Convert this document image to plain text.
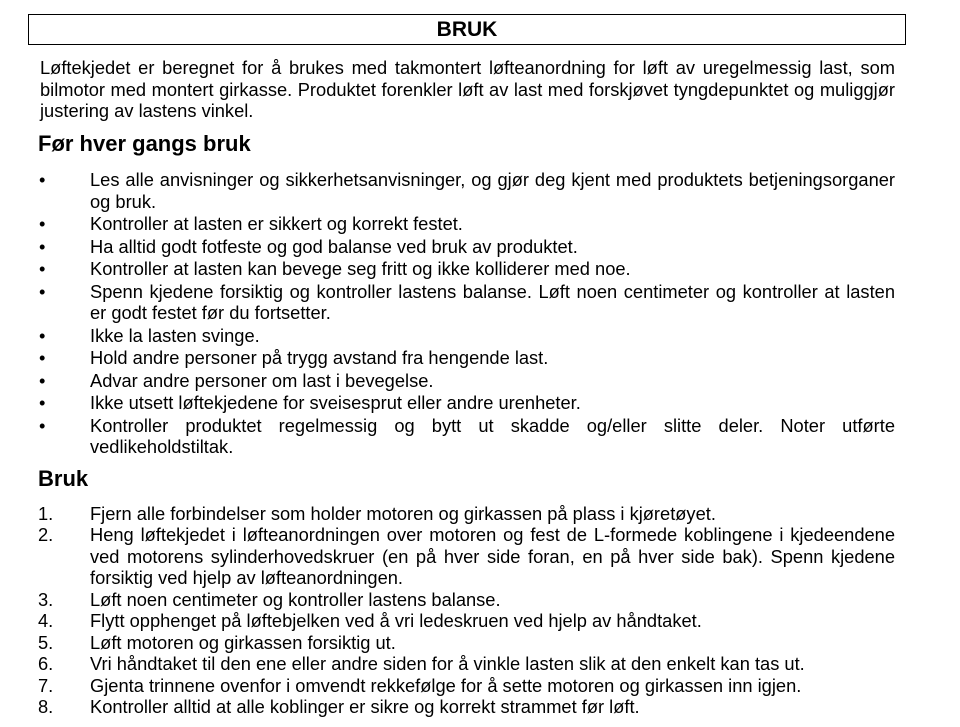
BRUK

Løftekjedet er beregnet for å brukes med takmontert løfteanordning for løft av uregelmessig last, som bilmotor med montert girkasse. Produktet forenkler løft av last med forskjøvet tyngdepunktet og muliggjør justering av lastens vinkel.

Før hver gangs bruk
• Les alle anvisninger og sikkerhetsanvisninger, og gjør deg kjent med produktets betjeningsorganer og bruk.
• Kontroller at lasten er sikkert og korrekt festet.
• Ha alltid godt fotfeste og god balanse ved bruk av produktet.
• Kontroller at lasten kan bevege seg fritt og ikke kolliderer med noe.
• Spenn kjedene forsiktig og kontroller lastens balanse. Løft noen centimeter og kontroller at lasten er godt festet før du fortsetter.
• Ikke la lasten svinge.
• Hold andre personer på trygg avstand fra hengende last.
• Advar andre personer om last i bevegelse.
• Ikke utsett løftekjedene for sveisesprut eller andre urenheter.
• Kontroller produktet regelmessig og bytt ut skadde og/eller slitte deler. Noter utførte vedlikeholdstiltak.
Bruk
1. Fjern alle forbindelser som holder motoren og girkassen på plass i kjøretøyet.
2. Heng løftekjedet i løfteanordningen over motoren og fest de L-formede koblingene i kjedeendene ved motorens sylinderhovedskruer (en på hver side foran, en på hver side bak). Spenn kjedene forsiktig ved hjelp av løfteanordningen.
3. Løft noen centimeter og kontroller lastens balanse.
4. Flytt opphenget på løftebjelken ved å vri ledeskruen ved hjelp av håndtaket.
5. Løft motoren og girkassen forsiktig ut.
6. Vri håndtaket til den ene eller andre siden for å vinkle lasten slik at den enkelt kan tas ut.
7. Gjenta trinnene ovenfor i omvendt rekkefølge for å sette motoren og girkassen inn igjen.
8. Kontroller alltid at alle koblinger er sikre og korrekt strammet før løft.
